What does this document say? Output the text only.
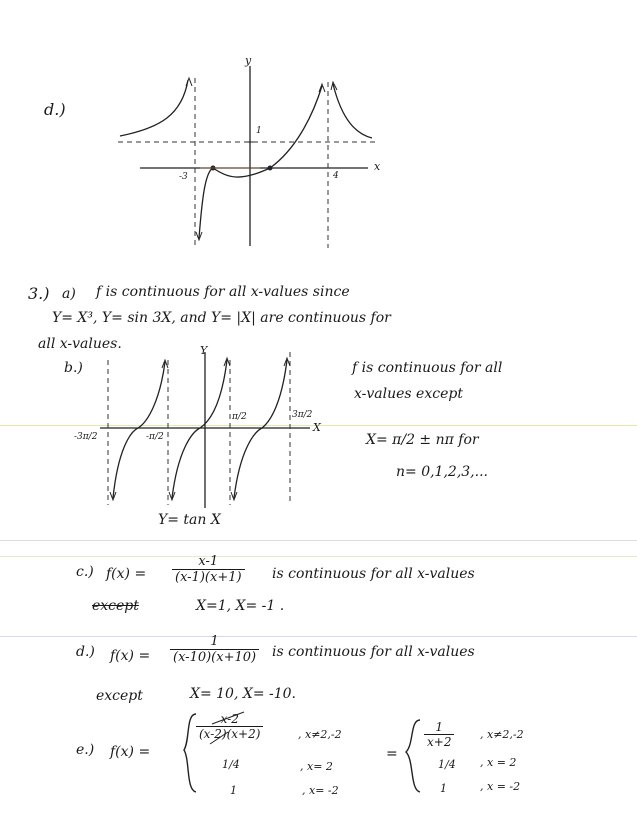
d.)
y
x
-3	4
1
3.) a) f is continuous for all x-values since
Y= X³, Y= sin 3X, and Y= |X| are continuous for
all x-values.
b.)
Y
X
-3π/2	-π/2
π/2	3π/2
Y= tan X
f is continuous for all
x-values except
X= π/2 ± nπ for
n= 0,1,2,3,...
c.) $f(x) = \frac{x-1}{(x-1)(x+1)}$ is continuous for all x-values
except	X=1, X= -1 .
d.) $f(x) = \frac{1}{(x-10)(x+10)}$ is continuous for all x-values
except	X= 10, X= -10.
e.) f(x) =
$\frac{x-2}{(x-2)(x+2)}$	, x≠2,-2
1/4	, x= 2
1	, x= -2
=
$\frac{1}{x+2}$ , x≠2,-2
1/4 , x = 2
1	, x = -2
